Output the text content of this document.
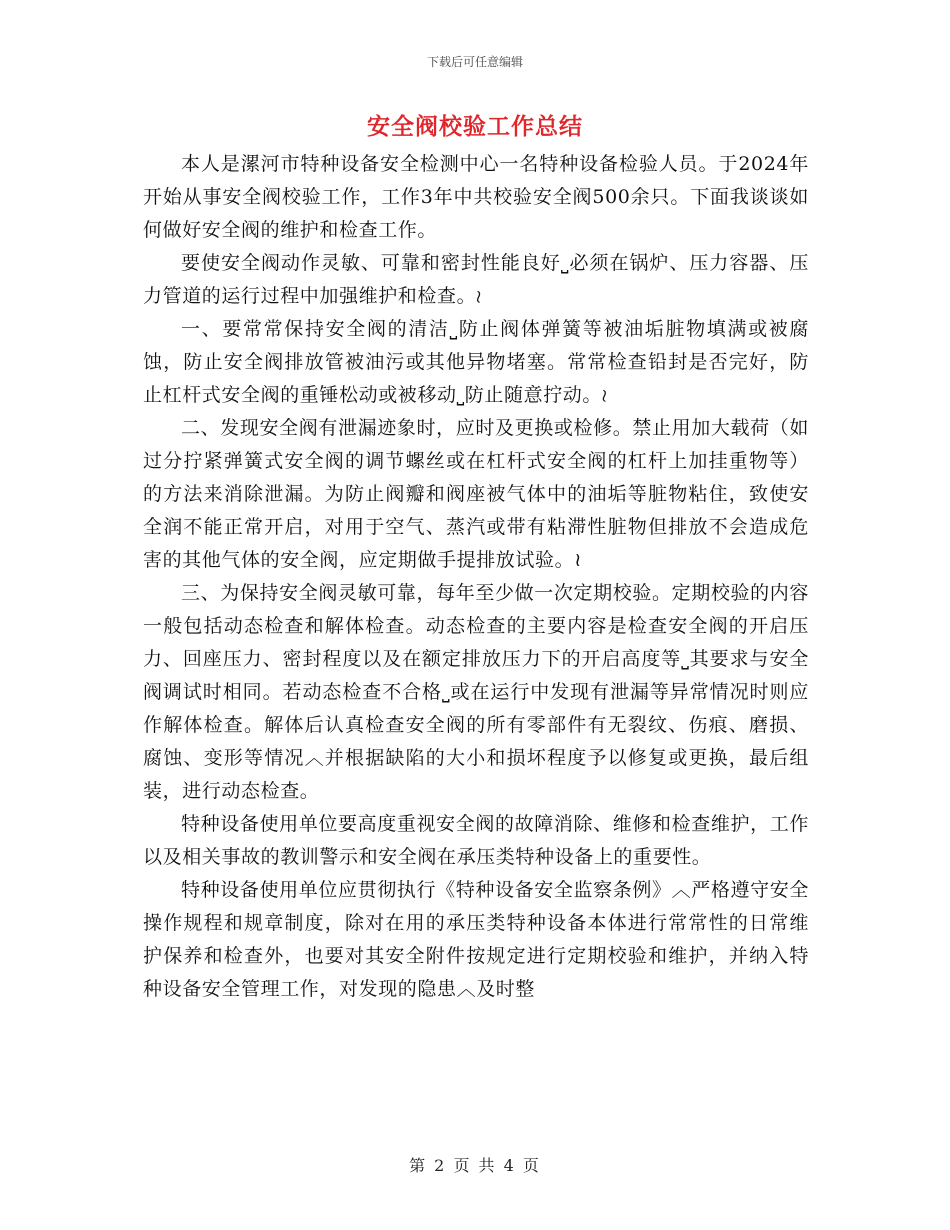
下载后可任意编辑
安全阀校验工作总结

本人是漯河市特种设备安全检测中心一名特种设备检验人员。于2024年开始从事安全阀校验工作，工作3年中共校验安全阀500余只。下面我谈谈如何做好安全阀的维护和检查工作。

要使安全阀动作灵敏、可靠和密封性能良好⎵必须在锅炉、压力容器、压力管道的运行过程中加强维护和检查。≀

一、要常常保持安全阀的清洁⎵防止阀体弹簧等被油垢脏物填满或被腐蚀，防止安全阀排放管被油污或其他异物堵塞。常常检查铅封是否完好，防止杠杆式安全阀的重锤松动或被移动⎵防止随意拧动。≀

二、发现安全阀有泄漏迹象时，应时及更换或检修。禁止用加大载荷（如过分拧紧弹簧式安全阀的调节螺丝或在杠杆式安全阀的杠杆上加挂重物等）的方法来消除泄漏。为防止阀瓣和阀座被气体中的油垢等脏物粘住，致使安全润不能正常开启，对用于空气、蒸汽或带有粘滞性脏物但排放不会造成危害的其他气体的安全阀，应定期做手提排放试验。≀

三、为保持安全阀灵敏可靠，每年至少做一次定期校验。定期校验的内容一般包括动态检查和解体检查。动态检查的主要内容是检查安全阀的开启压力、回座压力、密封程度以及在额定排放压力下的开启高度等⎵其要求与安全阀调试时相同。若动态检查不合格⎵或在运行中发现有泄漏等异常情况时则应作解体检查。解体后认真检查安全阀的所有零部件有无裂纹、伤痕、磨损、腐蚀、变形等情况︿并根据缺陷的大小和损坏程度予以修复或更换，最后组装，进行动态检查。

特种设备使用单位要高度重视安全阀的故障消除、维修和检查维护，工作以及相关事故的教训警示和安全阀在承压类特种设备上的重要性。

特种设备使用单位应贯彻执行《特种设备安全监察条例》︿严格遵守安全操作规程和规章制度，除对在用的承压类特种设备本体进行常常性的日常维护保养和检查外，也要对其安全附件按规定进行定期校验和维护，并纳入特种设备安全管理工作，对发现的隐患︿及时整

第 2 页 共 4 页
